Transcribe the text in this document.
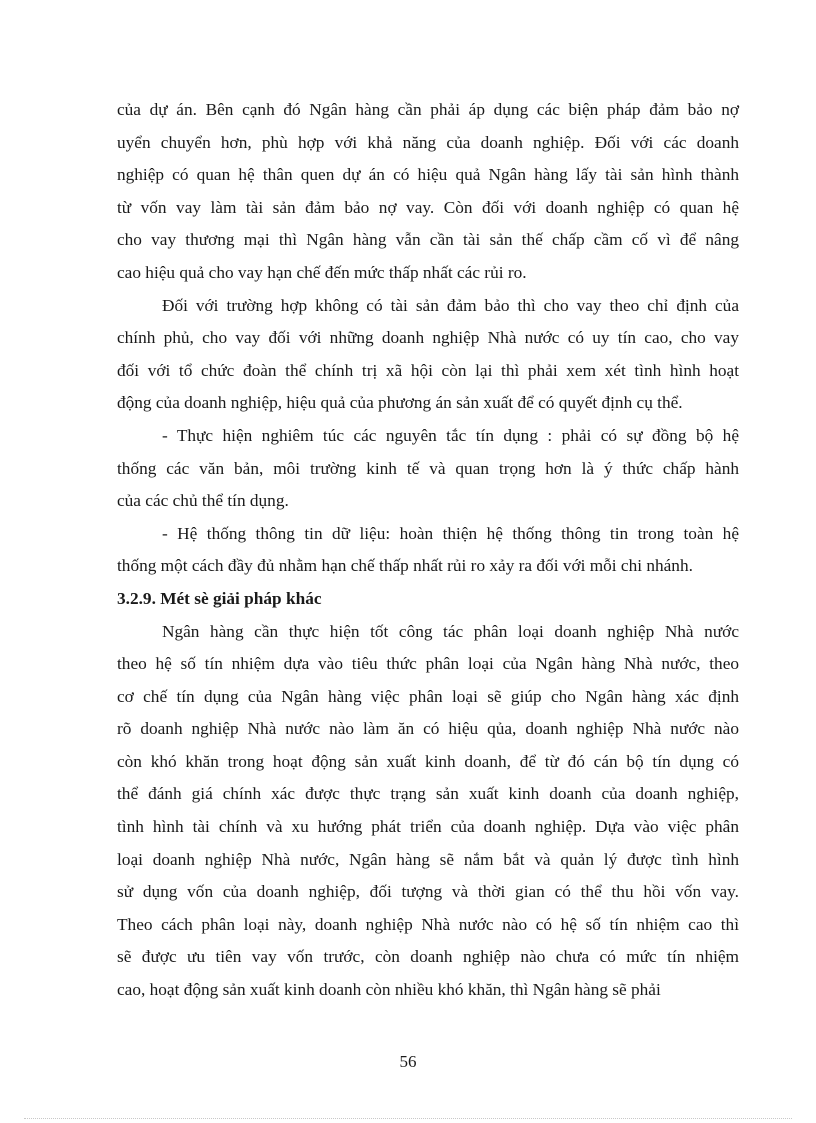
của dự án. Bên cạnh đó Ngân hàng cần phải áp dụng các biện pháp đảm bảo nợ
uyển chuyển hơn, phù hợp với khả năng của doanh nghiệp. Đối với các doanh
nghiệp có quan hệ thân quen dự án có hiệu quả Ngân hàng lấy tài sản hình thành
từ vốn vay làm tài sản đảm bảo nợ vay. Còn đối với doanh nghiệp có quan hệ
cho vay thương mại thì Ngân hàng vẫn cần tài sản thế chấp cầm cố vì để nâng
cao hiệu quả cho vay hạn chế đến mức thấp nhất các rủi ro.
Đối với trường hợp không có tài sản đảm bảo thì cho vay theo chỉ định của
chính phủ, cho vay đối với những doanh nghiệp Nhà nước có uy tín cao, cho vay
đối với tổ chức đoàn thể chính trị xã hội còn lại thì phải xem xét tình hình hoạt
động của doanh nghiệp, hiệu quả của phương án sản xuất để có quyết định cụ thể.
- Thực hiện nghiêm túc các nguyên tắc tín dụng : phải có sự đồng bộ hệ
thống các văn bản, môi trường kinh tế và quan trọng hơn là ý thức chấp hành
của các chủ thể tín dụng.
- Hệ thống thông tin dữ liệu: hoàn thiện hệ thống thông tin trong toàn hệ
thống một cách đầy đủ nhằm hạn chế thấp nhất rủi ro xảy ra đối với mỗi chi nhánh.
3.2.9. Mét sè giải pháp khác
Ngân hàng cần thực hiện tốt công tác phân loại doanh nghiệp Nhà nước
theo hệ số tín nhiệm dựa vào tiêu thức phân loại của Ngân hàng Nhà nước, theo
cơ chế tín dụng của Ngân hàng việc phân loại sẽ giúp cho Ngân hàng xác định
rõ doanh nghiệp Nhà nước nào làm ăn có hiệu qủa, doanh nghiệp Nhà nước nào
còn khó khăn trong hoạt động sản xuất kinh doanh, để từ đó cán bộ tín dụng có
thể đánh giá chính xác được thực trạng sản xuất kinh doanh của doanh nghiệp,
tình hình tài chính và xu hướng phát triển của doanh nghiệp. Dựa vào việc phân
loại doanh nghiệp Nhà nước, Ngân hàng sẽ nắm bắt và quản lý được tình hình
sử dụng vốn của doanh nghiệp, đối tượng và thời gian có thể thu hồi vốn vay.
Theo cách phân loại này, doanh nghiệp Nhà nước nào có hệ số tín nhiệm cao thì
sẽ được ưu tiên vay vốn trước, còn doanh nghiệp nào chưa có mức tín nhiệm
cao, hoạt động sản xuất kinh doanh còn nhiều khó khăn, thì Ngân hàng sẽ phải
56
